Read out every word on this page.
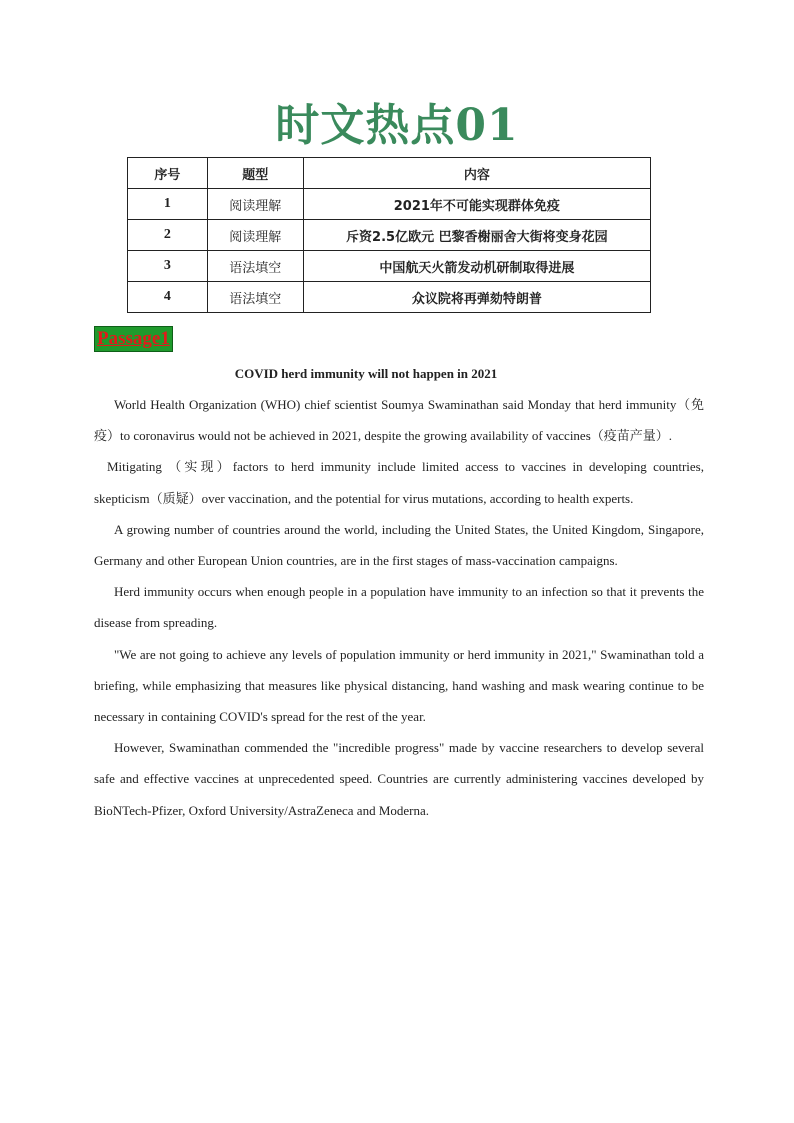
时文热点01
序号	题型	内容
1	阅读理解	2021年不可能实现群体免疫
2	阅读理解	斥资2.5亿欧元 巴黎香榭丽舍大街将变身花园
3	语法填空	中国航天火箭发动机研制取得进展
4	语法填空	众议院将再弹劾特朗普
Passage1
COVID herd immunity will not happen in 2021

World Health Organization (WHO) chief scientist Soumya Swaminathan said Monday that herd immunity（免疫）to coronavirus would not be achieved in 2021, despite the growing availability of vaccines（疫苗产量）.

Mitigating （实现）factors to herd immunity include limited access to vaccines in developing countries, skepticism（质疑）over vaccination, and the potential for virus mutations, according to health experts.

A growing number of countries around the world, including the United States, the United Kingdom, Singapore, Germany and other European Union countries, are in the first stages of mass-vaccination campaigns.

Herd immunity occurs when enough people in a population have immunity to an infection so that it prevents the disease from spreading.

"We are not going to achieve any levels of population immunity or herd immunity in 2021," Swaminathan told a briefing, while emphasizing that measures like physical distancing, hand washing and mask wearing continue to be necessary in containing COVID's spread for the rest of the year.

However, Swaminathan commended the "incredible progress" made by vaccine researchers to develop several safe and effective vaccines at unprecedented speed. Countries are currently administering vaccines developed by BioNTech-Pfizer, Oxford University/AstraZeneca and Moderna.
